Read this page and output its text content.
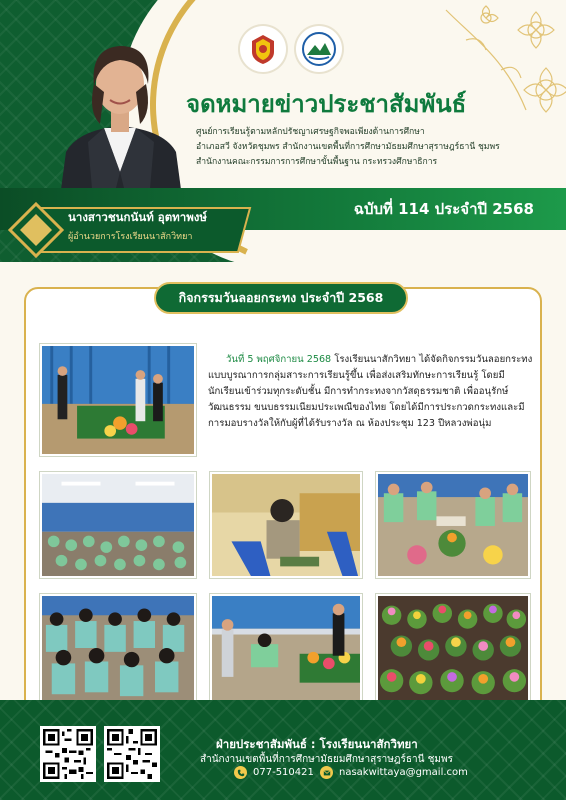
จดหมายข่าวประชาสัมพันธ์
ศูนย์การเรียนรู้ตามหลักปรัชญาเศรษฐกิจพอเพียงด้านการศึกษา
อำเภอสวี จังหวัดชุมพร สำนักงานเขตพื้นที่การศึกษามัธยมศึกษาสุราษฎร์ธานี ชุมพร
สำนักงานคณะกรรมการการศึกษาขั้นพื้นฐาน กระทรวงศึกษาธิการ
ฉบับที่ 114 ประจำปี 2568
นางสาวชนกนันท์ อุตทาพงษ์
ผู้อำนวยการโรงเรียนนาสักวิทยา
กิจกรรมวันลอยกระทง ประจำปี 2568

วันที่ 5 พฤศจิกายน 2568 โรงเรียนนาสักวิทยา ได้จัดกิจกรรมวันลอยกระทงแบบบูรณาการกลุ่มสาระการเรียนรู้ขึ้น เพื่อส่งเสริมทักษะการเรียนรู้ โดยมีนักเรียนเข้าร่วมทุกระดับชั้น มีการทำกระทงจากวัสดุธรรมชาติ เพื่ออนุรักษ์วัฒนธรรม ขนบธรรมเนียมประเพณีของไทย โดยได้มีการประกวดกระทงและมีการมอบรางวัลให้กับผู้ที่ได้รับรางวัล ณ ห้องประชุม 123 ปีหลวงพ่อนุ่ม

ฝ่ายประชาสัมพันธ์ : โรงเรียนนาสักวิทยา
สำนักงานเขตพื้นที่การศึกษามัธยมศึกษาสุราษฎร์ธานี ชุมพร
077-510421	nasakwittaya@gmail.com
